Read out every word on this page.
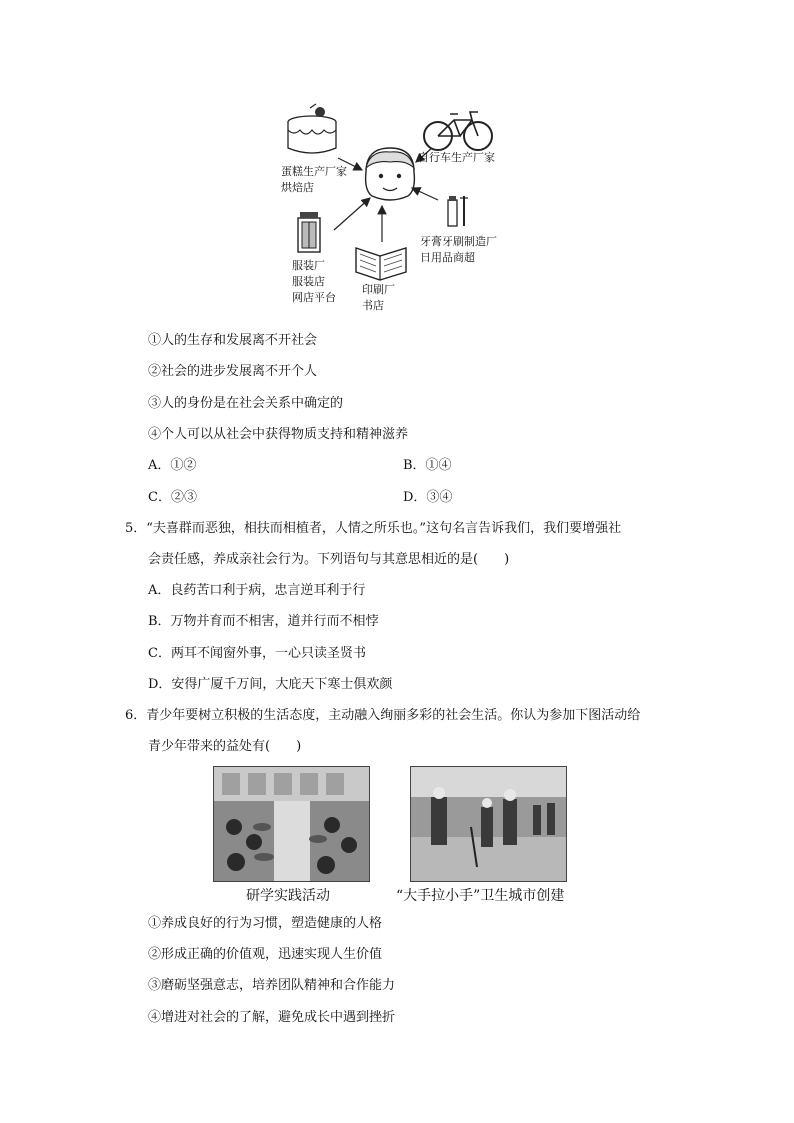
蛋糕生产厂家
烘焙店
自行车生产厂家
牙膏牙刷制造厂
日用品商超
服装厂
服装店
网店平台
印刷厂
书店
①人的生存和发展离不开社会
②社会的进步发展离不开个人
③人的身份是在社会关系中确定的
④个人可以从社会中获得物质支持和精神滋养
A．①②	B．①④
C．②③	D．③④
5．“夫喜群而恶独，相扶而相植者，人情之所乐也。”这句名言告诉我们，我们要增强社
会责任感，养成亲社会行为。下列语句与其意思相近的是(　　)
A．良药苦口利于病，忠言逆耳利于行
B．万物并育而不相害，道并行而不相悖
C．两耳不闻窗外事，一心只读圣贤书
D．安得广厦千万间，大庇天下寒士俱欢颜
6．青少年要树立积极的生活态度，主动融入绚丽多彩的社会生活。你认为参加下图活动给
青少年带来的益处有(　　)
研学实践活动	“大手拉小手”卫生城市创建
①养成良好的行为习惯，塑造健康的人格
②形成正确的价值观，迅速实现人生价值
③磨砺坚强意志，培养团队精神和合作能力
④增进对社会的了解，避免成长中遇到挫折
